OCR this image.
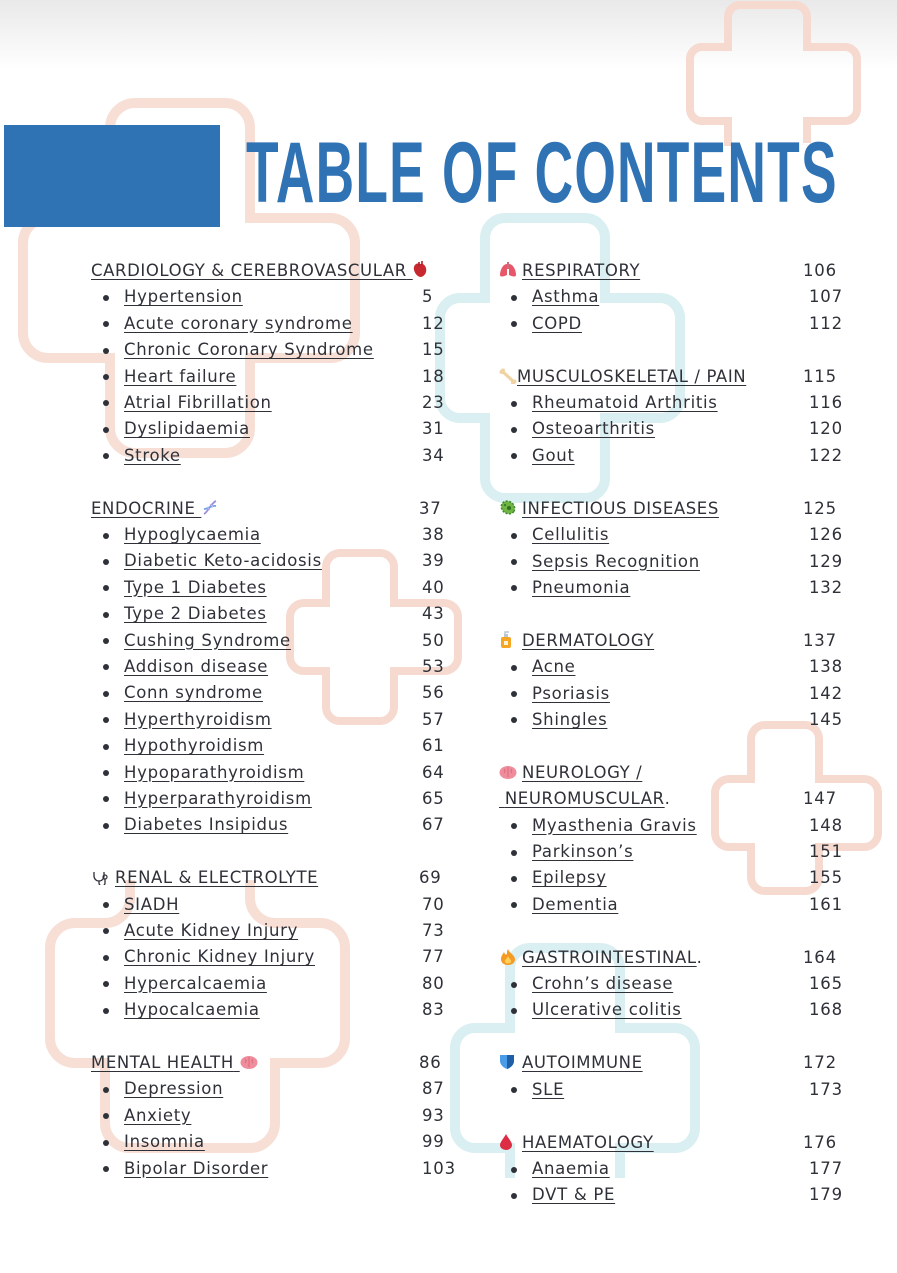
TABLE OF CONTENTS
CARDIOLOGY & CEREBROVASCULAR
Hypertension	5
Acute coronary syndrome	12
Chronic Coronary Syndrome	15
Heart failure	18
Atrial Fibrillation	23
Dyslipidaemia	31
Stroke	34
ENDOCRINE	37
Hypoglycaemia	38
Diabetic Keto-acidosis	39
Type 1 Diabetes	40
Type 2 Diabetes	43
Cushing Syndrome	50
Addison disease	53
Conn syndrome	56
Hyperthyroidism	57
Hypothyroidism	61
Hypoparathyroidism	64
Hyperparathyroidism	65
Diabetes Insipidus	67
RENAL & ELECTROLYTE	69
SIADH	70
Acute Kidney Injury	73
Chronic Kidney Injury	77
Hypercalcaemia	80
Hypocalcaemia	83
MENTAL HEALTH	86
Depression	87
Anxiety	93
Insomnia	99
Bipolar Disorder	103
RESPIRATORY	106
Asthma	107
COPD	112
MUSCULOSKELETAL / PAIN	115
Rheumatoid Arthritis	116
Osteoarthritis	120
Gout	122
INFECTIOUS DISEASES	125
Cellulitis	126
Sepsis Recognition	129
Pneumonia	132
DERMATOLOGY	137
Acne	138
Psoriasis	142
Shingles	145
NEUROLOGY /
NEUROMUSCULAR.	147
Myasthenia Gravis	148
Parkinson’s	151
Epilepsy	155
Dementia	161
GASTROINTESTINAL.	164
Crohn’s disease	165
Ulcerative colitis	168
AUTOIMMUNE	172
SLE	173
HAEMATOLOGY	176
Anaemia	177
DVT & PE	179
